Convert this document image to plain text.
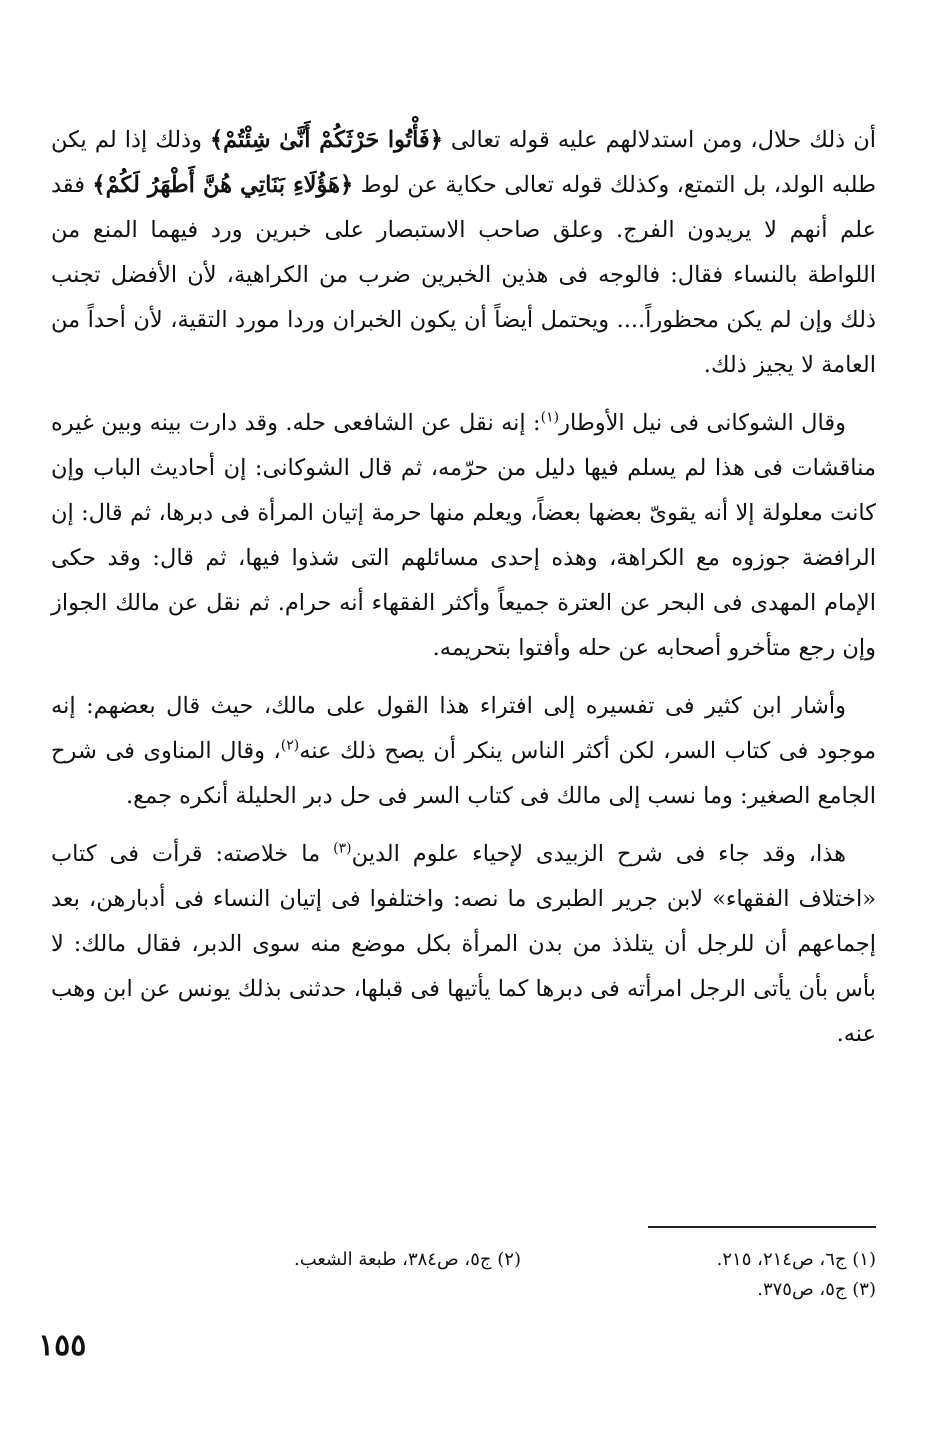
أن ذلك حلال، ومن استدلالهم عليه قوله تعالى ﴿فَأْتُوا حَرْثَكُمْ أَنَّىٰ شِئْتُمْ﴾ وذلك إذا لم يكن طلبه الولد، بل التمتع، وكذلك قوله تعالى حكاية عن لوط ﴿هَؤُلَاءِ بَنَاتِي هُنَّ أَطْهَرُ لَكُمْ﴾ فقد علم أنهم لا يريدون الفرج. وعلق صاحب الاستبصار على خبرين ورد فيهما المنع من اللواطة بالنساء فقال: فالوجه فى هذين الخبرين ضرب من الكراهية، لأن الأفضل تجنب ذلك وإن لم يكن محظوراً.... ويحتمل أيضاً أن يكون الخبران وردا مورد التقية، لأن أحداً من العامة لا يجيز ذلك.

وقال الشوكانى فى نيل الأوطار$^{(١)}$: إنه نقل عن الشافعى حله. وقد دارت بينه وبين غيره مناقشات فى هذا لم يسلم فيها دليل من حرّمه، ثم قال الشوكانى: إن أحاديث الباب وإن كانت معلولة إلا أنه يقوىّ بعضها بعضاً، ويعلم منها حرمة إتيان المرأة فى دبرها، ثم قال: إن الرافضة جوزوه مع الكراهة، وهذه إحدى مسائلهم التى شذوا فيها، ثم قال: وقد حكى الإمام المهدى فى البحر عن العترة جميعاً وأكثر الفقهاء أنه حرام. ثم نقل عن مالك الجواز وإن رجع متأخرو أصحابه عن حله وأفتوا بتحريمه.

وأشار ابن كثير فى تفسيره إلى افتراء هذا القول على مالك، حيث قال بعضهم: إنه موجود فى كتاب السر، لكن أكثر الناس ينكر أن يصح ذلك عنه$^{(٢)}$، وقال المناوى فى شرح الجامع الصغير: وما نسب إلى مالك فى كتاب السر فى حل دبر الحليلة أنكره جمع.

هذا، وقد جاء فى شرح الزبيدى لإحياء علوم الدين$^{(٣)}$ ما خلاصته: قرأت فى كتاب «اختلاف الفقهاء» لابن جرير الطبرى ما نصه: واختلفوا فى إتيان النساء فى أدبارهن، بعد إجماعهم أن للرجل أن يتلذذ من بدن المرأة بكل موضع منه سوى الدبر، فقال مالك: لا بأس بأن يأتى الرجل امرأته فى دبرها كما يأتيها فى قبلها، حدثنى بذلك يونس عن ابن وهب عنه.

(١) ج٦، ص٢١٤، ٢١٥.
(٢) ج٥، ص٣٨٤، طبعة الشعب.
(٣) ج٥، ص٣٧٥.
١٥٥
